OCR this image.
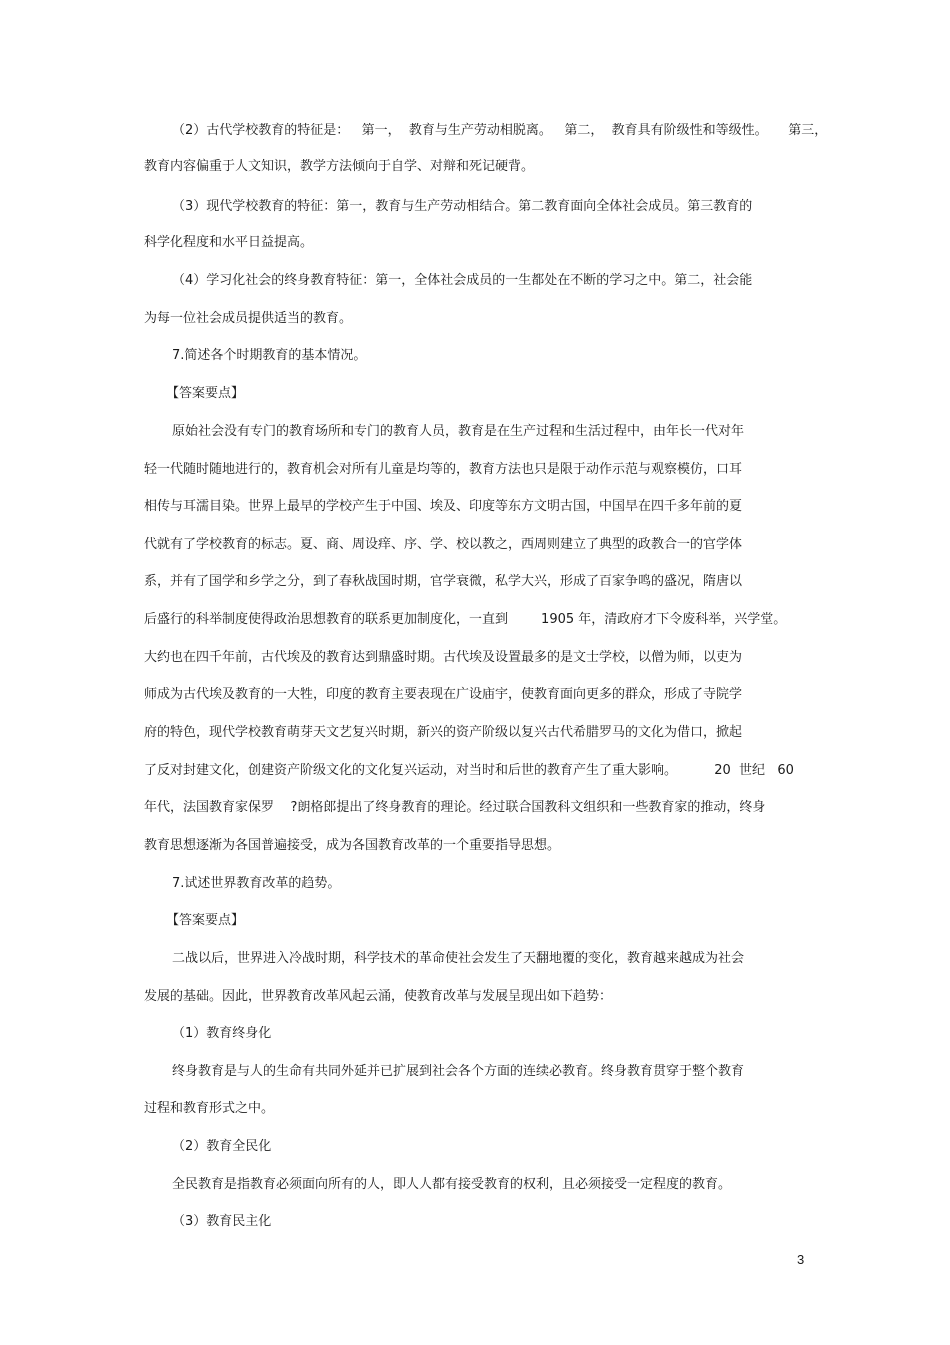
（2）古代学校教育的特征是：   第一，  教育与生产劳动相脱离。   第二，  教育具有阶级性和等级性。     第三，

教育内容偏重于人文知识，教学方法倾向于自学、对辩和死记硬背。

（3）现代学校教育的特征：第一，教育与生产劳动相结合。第二教育面向全体社会成员。第三教育的

科学化程度和水平日益提高。

（4）学习化社会的终身教育特征：第一，全体社会成员的一生都处在不断的学习之中。第二，社会能

为每一位社会成员提供适当的教育。

7.简述各个时期教育的基本情况。

【答案要点】

原始社会没有专门的教育场所和专门的教育人员，教育是在生产过程和生活过程中，由年长一代对年

轻一代随时随地进行的，教育机会对所有儿童是均等的，教育方法也只是限于动作示范与观察模仿，口耳

相传与耳濡目染。世界上最早的学校产生于中国、埃及、印度等东方文明古国，中国早在四千多年前的夏

代就有了学校教育的标志。夏、商、周设痒、序、学、校以教之，西周则建立了典型的政教合一的官学体

系，并有了国学和乡学之分，到了春秋战国时期，官学衰微，私学大兴，形成了百家争鸣的盛况，隋唐以

后盛行的科举制度使得政治思想教育的联系更加制度化，一直到        1905 年，清政府才下令废科举，兴学堂。

大约也在四千年前，古代埃及的教育达到鼎盛时期。古代埃及设置最多的是文士学校，以僧为师，以吏为

师成为古代埃及教育的一大牲，印度的教育主要表现在广设庙宇，使教育面向更多的群众，形成了寺院学

府的特色，现代学校教育萌芽天文艺复兴时期，新兴的资产阶级以复兴古代希腊罗马的文化为借口，掀起

了反对封建文化，创建资产阶级文化的文化复兴运动，对当时和后世的教育产生了重大影响。         20  世纪   60

年代，法国教育家保罗    ?朗格郎提出了终身教育的理论。经过联合国教科文组织和一些教育家的推动，终身

教育思想逐渐为各国普遍接受，成为各国教育改革的一个重要指导思想。

7.试述世界教育改革的趋势。

【答案要点】

二战以后，世界进入冷战时期，科学技术的革命使社会发生了天翻地覆的变化，教育越来越成为社会

发展的基础。因此，世界教育改革风起云涌，使教育改革与发展呈现出如下趋势：

（1）教育终身化

终身教育是与人的生命有共同外延并已扩展到社会各个方面的连续必教育。终身教育贯穿于整个教育

过程和教育形式之中。

（2）教育全民化

全民教育是指教育必须面向所有的人，即人人都有接受教育的权利，且必须接受一定程度的教育。

（3）教育民主化

3
